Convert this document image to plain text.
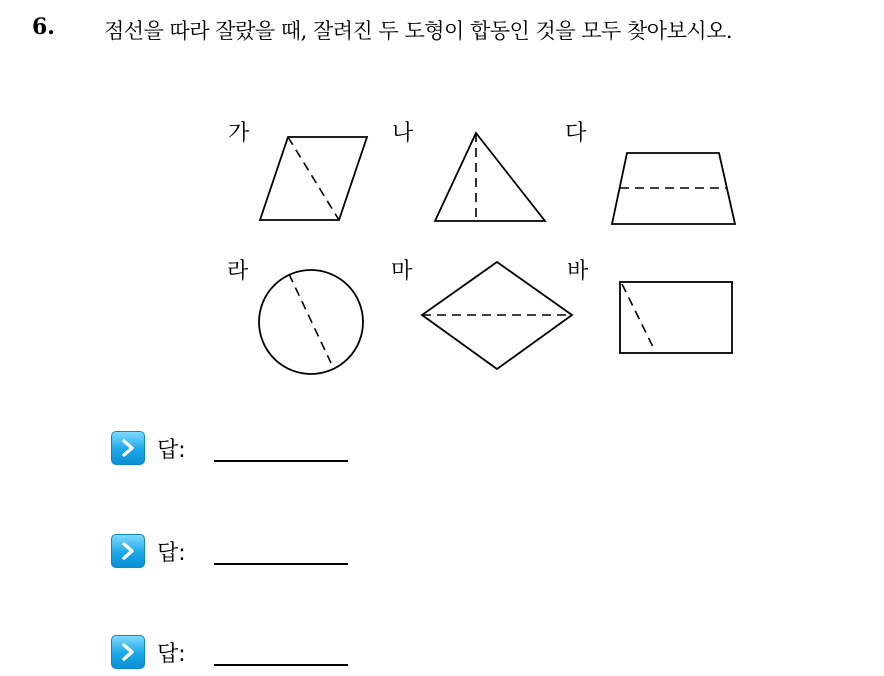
6. 점선을 따라 잘랐을 때, 잘려진 두 도형이 합동인 것을 모두 찾아보시오.
가	나	다
라	마	바
답:
답:
답:
